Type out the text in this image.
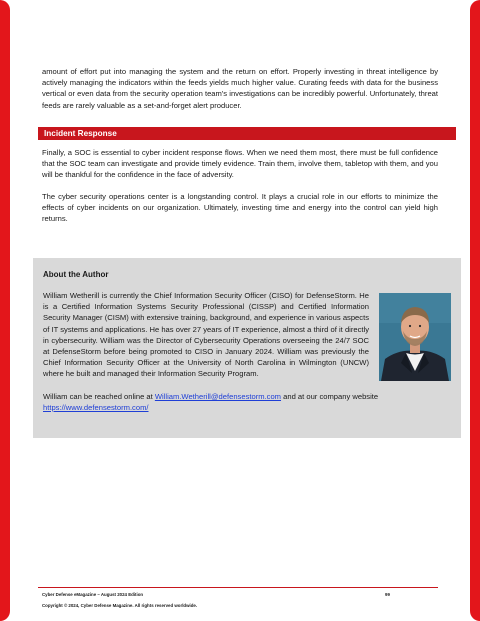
amount of effort put into managing the system and the return on effort. Properly investing in threat intelligence by actively managing the indicators within the feeds yields much higher value. Curating feeds with data for the business vertical or even data from the security operation team's investigations can be incredibly powerful. Unfortunately, threat feeds are rarely valuable as a set-and-forget alert producer.

Incident Response

Finally, a SOC is essential to cyber incident response flows. When we need them most, there must be full confidence that the SOC team can investigate and provide timely evidence. Train them, involve them, tabletop with them, and you will be thankful for the confidence in the face of adversity.

The cyber security operations center is a longstanding control. It plays a crucial role in our efforts to minimize the effects of cyber incidents on our organization. Ultimately, investing time and energy into the control can yield high returns.

About the Author

William Wetherill is currently the Chief Information Security Officer (CISO) for DefenseStorm. He is a Certified Information Systems Security Professional (CISSP) and Certified Information Security Manager (CISM) with extensive training, background, and experience in various aspects of IT systems and applications. He has over 27 years of IT experience, almost a third of it directly in cybersecurity. William was the Director of Cybersecurity Operations overseeing the 24/7 SOC at DefenseStorm before being promoted to CISO in January 2024. William was previously the Chief Information Security Officer at the University of North Carolina in Wilmington (UNCW) where he built and managed their Information Security Program.

William can be reached online at William.Wetherill@defensestorm.com and at our company website https://www.defensestorm.com/

Cyber Defense eMagazine – August 2024 Edition	99
Copyright © 2024, Cyber Defense Magazine. All rights reserved worldwide.
